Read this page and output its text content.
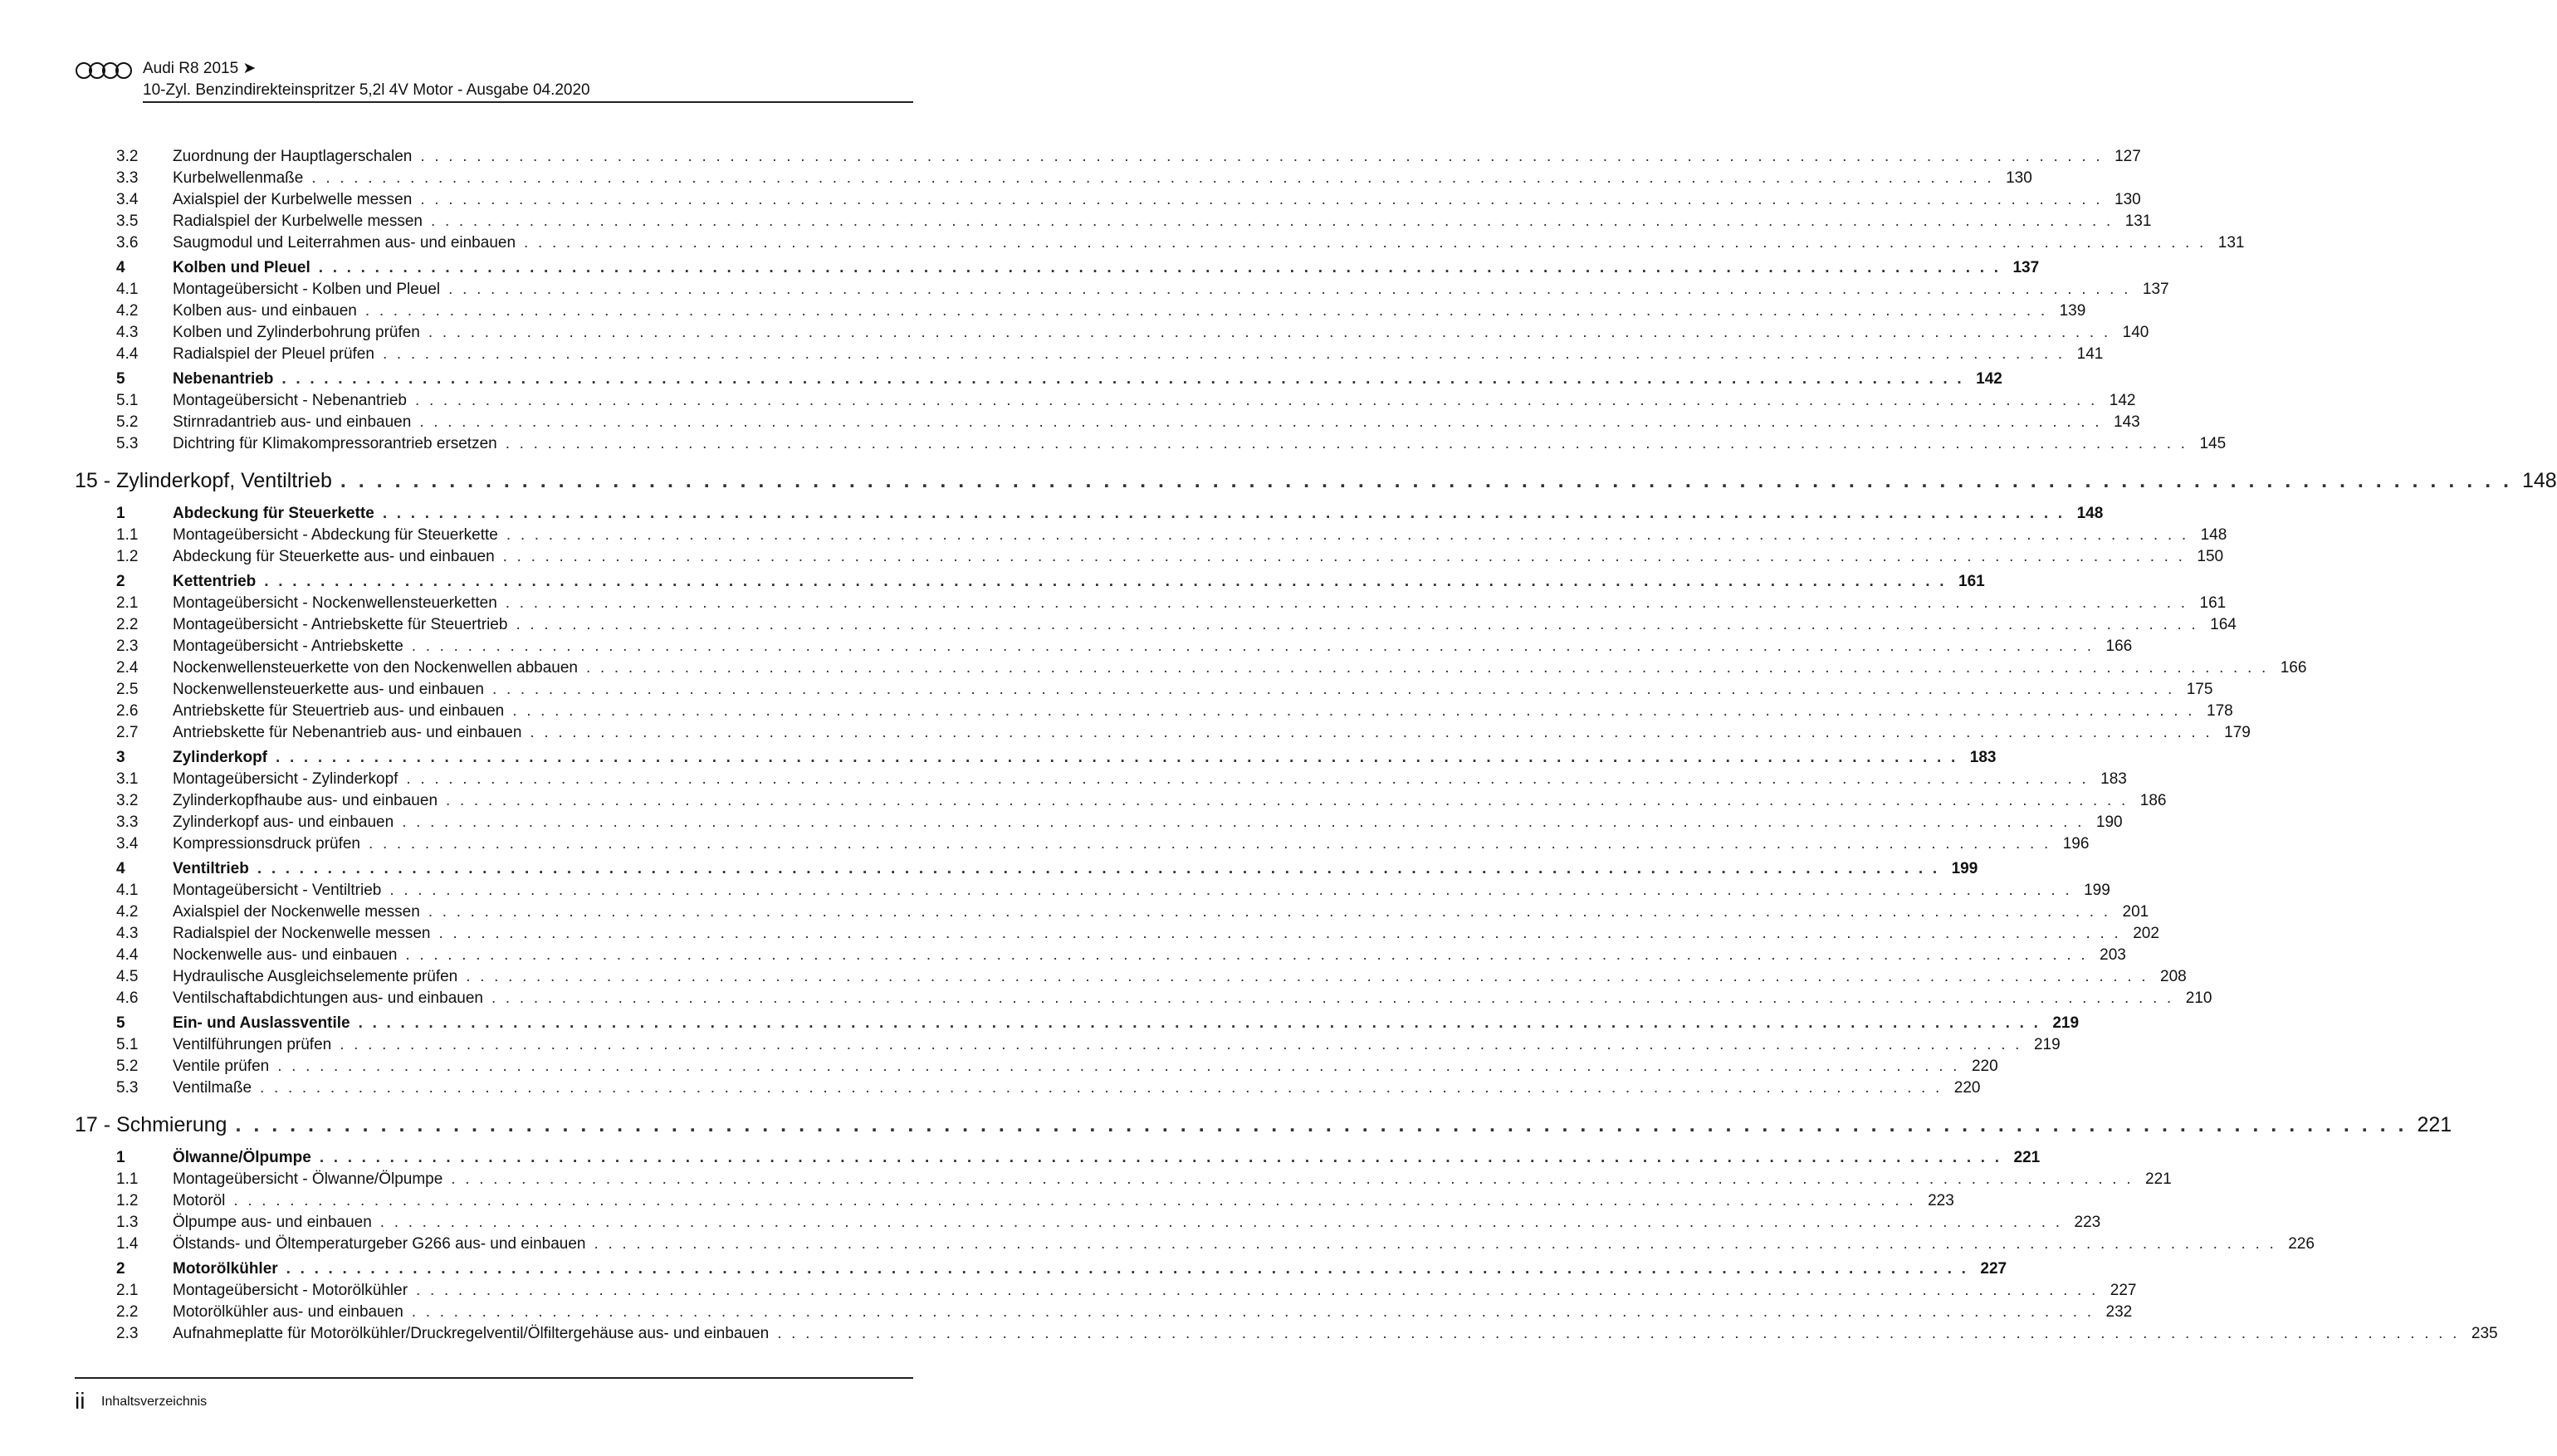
Audi R8 2015 ➤
10-Zyl. Benzindirekteinspritzer 5,2l 4V Motor - Ausgabe 04.2020
3.2	Zuordnung der Hauptlagerschalen . . . . . . . . . . . . . . . . . . . . . . . . . . . . . . . . . . . . . . . . . . . . . . . . . . . . . . . . . . . . . . . . . . . . . . . . . . . . . . . . . . . . . . . . . . . . . . . . . . . . . . . . . . . . . . . . . . . . . . . . 127
3.3	Kurbelwellenmaße . . . . . . . . . . . . . . . . . . . . . . . . . . . . . . . . . . . . . . . . . . . . . . . . . . . . . . . . . . . . . . . . . . . . . . . . . . . . . . . . . . . . . . . . . . . . . . . . . . . . . . . . . . . . . . . . . . . . . . . . 130
3.4	Axialspiel der Kurbelwelle messen . . . . . . . . . . . . . . . . . . . . . . . . . . . . . . . . . . . . . . . . . . . . . . . . . . . . . . . . . . . . . . . . . . . . . . . . . . . . . . . . . . . . . . . . . . . . . . . . . . . . . . . . . . . . . . . . . . . . . . . . 130
3.5	Radialspiel der Kurbelwelle messen . . . . . . . . . . . . . . . . . . . . . . . . . . . . . . . . . . . . . . . . . . . . . . . . . . . . . . . . . . . . . . . . . . . . . . . . . . . . . . . . . . . . . . . . . . . . . . . . . . . . . . . . . . . . . . . . . . . . . . . . 131
3.6	Saugmodul und Leiterrahmen aus- und einbauen . . . . . . . . . . . . . . . . . . . . . . . . . . . . . . . . . . . . . . . . . . . . . . . . . . . . . . . . . . . . . . . . . . . . . . . . . . . . . . . . . . . . . . . . . . . . . . . . . . . . . . . . . . . . . . . . . . . . . . . . 131
4	Kolben und Pleuel . . . . . . . . . . . . . . . . . . . . . . . . . . . . . . . . . . . . . . . . . . . . . . . . . . . . . . . . . . . . . . . . . . . . . . . . . . . . . . . . . . . . . . . . . . . . . . . . . . . . . . . . . . . . . . . . . . . . . . . . 137
4.1	Montageübersicht - Kolben und Pleuel . . . . . . . . . . . . . . . . . . . . . . . . . . . . . . . . . . . . . . . . . . . . . . . . . . . . . . . . . . . . . . . . . . . . . . . . . . . . . . . . . . . . . . . . . . . . . . . . . . . . . . . . . . . . . . . . . . . . . . . . 137
4.2	Kolben aus- und einbauen . . . . . . . . . . . . . . . . . . . . . . . . . . . . . . . . . . . . . . . . . . . . . . . . . . . . . . . . . . . . . . . . . . . . . . . . . . . . . . . . . . . . . . . . . . . . . . . . . . . . . . . . . . . . . . . . . . . . . . . . 139
4.3	Kolben und Zylinderbohrung prüfen . . . . . . . . . . . . . . . . . . . . . . . . . . . . . . . . . . . . . . . . . . . . . . . . . . . . . . . . . . . . . . . . . . . . . . . . . . . . . . . . . . . . . . . . . . . . . . . . . . . . . . . . . . . . . . . . . . . . . . . . 140
4.4	Radialspiel der Pleuel prüfen . . . . . . . . . . . . . . . . . . . . . . . . . . . . . . . . . . . . . . . . . . . . . . . . . . . . . . . . . . . . . . . . . . . . . . . . . . . . . . . . . . . . . . . . . . . . . . . . . . . . . . . . . . . . . . . . . . . . . . . . 141
5	Nebenantrieb . . . . . . . . . . . . . . . . . . . . . . . . . . . . . . . . . . . . . . . . . . . . . . . . . . . . . . . . . . . . . . . . . . . . . . . . . . . . . . . . . . . . . . . . . . . . . . . . . . . . . . . . . . . . . . . . . . . . . . . . 142
5.1	Montageübersicht - Nebenantrieb . . . . . . . . . . . . . . . . . . . . . . . . . . . . . . . . . . . . . . . . . . . . . . . . . . . . . . . . . . . . . . . . . . . . . . . . . . . . . . . . . . . . . . . . . . . . . . . . . . . . . . . . . . . . . . . . . . . . . . . . 142
5.2	Stirnradantrieb aus- und einbauen . . . . . . . . . . . . . . . . . . . . . . . . . . . . . . . . . . . . . . . . . . . . . . . . . . . . . . . . . . . . . . . . . . . . . . . . . . . . . . . . . . . . . . . . . . . . . . . . . . . . . . . . . . . . . . . . . . . . . . . . 143
5.3	Dichtring für Klimakompressorantrieb ersetzen . . . . . . . . . . . . . . . . . . . . . . . . . . . . . . . . . . . . . . . . . . . . . . . . . . . . . . . . . . . . . . . . . . . . . . . . . . . . . . . . . . . . . . . . . . . . . . . . . . . . . . . . . . . . . . . . . . . . . . . . 145
15 - Zylinderkopf, Ventiltrieb . . . . . . . . . . . . . . . . . . . . . . . . . . . . . . . . . . . . . . . . . . . . . . . . . . . . . . . . . . . . . . . . . . . . . . . . . . . . . . . . . . . . . . . . . . . . . . . . . . . . . . . . . . . . . . . . . . . . . . . . 148
1	Abdeckung für Steuerkette . . . . . . . . . . . . . . . . . . . . . . . . . . . . . . . . . . . . . . . . . . . . . . . . . . . . . . . . . . . . . . . . . . . . . . . . . . . . . . . . . . . . . . . . . . . . . . . . . . . . . . . . . . . . . . . . . . . . . . . . 148
1.1	Montageübersicht - Abdeckung für Steuerkette . . . . . . . . . . . . . . . . . . . . . . . . . . . . . . . . . . . . . . . . . . . . . . . . . . . . . . . . . . . . . . . . . . . . . . . . . . . . . . . . . . . . . . . . . . . . . . . . . . . . . . . . . . . . . . . . . . . . . . . . 148
1.2	Abdeckung für Steuerkette aus- und einbauen . . . . . . . . . . . . . . . . . . . . . . . . . . . . . . . . . . . . . . . . . . . . . . . . . . . . . . . . . . . . . . . . . . . . . . . . . . . . . . . . . . . . . . . . . . . . . . . . . . . . . . . . . . . . . . . . . . . . . . . . 150
2	Kettentrieb . . . . . . . . . . . . . . . . . . . . . . . . . . . . . . . . . . . . . . . . . . . . . . . . . . . . . . . . . . . . . . . . . . . . . . . . . . . . . . . . . . . . . . . . . . . . . . . . . . . . . . . . . . . . . . . . . . . . . . . . 161
2.1	Montageübersicht - Nockenwellensteuerketten . . . . . . . . . . . . . . . . . . . . . . . . . . . . . . . . . . . . . . . . . . . . . . . . . . . . . . . . . . . . . . . . . . . . . . . . . . . . . . . . . . . . . . . . . . . . . . . . . . . . . . . . . . . . . . . . . . . . . . . . 161
2.2	Montageübersicht - Antriebskette für Steuertrieb . . . . . . . . . . . . . . . . . . . . . . . . . . . . . . . . . . . . . . . . . . . . . . . . . . . . . . . . . . . . . . . . . . . . . . . . . . . . . . . . . . . . . . . . . . . . . . . . . . . . . . . . . . . . . . . . . . . . . . . . 164
2.3	Montageübersicht - Antriebskette . . . . . . . . . . . . . . . . . . . . . . . . . . . . . . . . . . . . . . . . . . . . . . . . . . . . . . . . . . . . . . . . . . . . . . . . . . . . . . . . . . . . . . . . . . . . . . . . . . . . . . . . . . . . . . . . . . . . . . . . 166
2.4	Nockenwellensteuerkette von den Nockenwellen abbauen . . . . . . . . . . . . . . . . . . . . . . . . . . . . . . . . . . . . . . . . . . . . . . . . . . . . . . . . . . . . . . . . . . . . . . . . . . . . . . . . . . . . . . . . . . . . . . . . . . . . . . . . . . . . . . . . . . . . . . . . 166
2.5	Nockenwellensteuerkette aus- und einbauen . . . . . . . . . . . . . . . . . . . . . . . . . . . . . . . . . . . . . . . . . . . . . . . . . . . . . . . . . . . . . . . . . . . . . . . . . . . . . . . . . . . . . . . . . . . . . . . . . . . . . . . . . . . . . . . . . . . . . . . . 175
2.6	Antriebskette für Steuertrieb aus- und einbauen . . . . . . . . . . . . . . . . . . . . . . . . . . . . . . . . . . . . . . . . . . . . . . . . . . . . . . . . . . . . . . . . . . . . . . . . . . . . . . . . . . . . . . . . . . . . . . . . . . . . . . . . . . . . . . . . . . . . . . . . 178
2.7	Antriebskette für Nebenantrieb aus- und einbauen . . . . . . . . . . . . . . . . . . . . . . . . . . . . . . . . . . . . . . . . . . . . . . . . . . . . . . . . . . . . . . . . . . . . . . . . . . . . . . . . . . . . . . . . . . . . . . . . . . . . . . . . . . . . . . . . . . . . . . . . 179
3	Zylinderkopf . . . . . . . . . . . . . . . . . . . . . . . . . . . . . . . . . . . . . . . . . . . . . . . . . . . . . . . . . . . . . . . . . . . . . . . . . . . . . . . . . . . . . . . . . . . . . . . . . . . . . . . . . . . . . . . . . . . . . . . . 183
3.1	Montageübersicht - Zylinderkopf . . . . . . . . . . . . . . . . . . . . . . . . . . . . . . . . . . . . . . . . . . . . . . . . . . . . . . . . . . . . . . . . . . . . . . . . . . . . . . . . . . . . . . . . . . . . . . . . . . . . . . . . . . . . . . . . . . . . . . . . 183
3.2	Zylinderkopfhaube aus- und einbauen . . . . . . . . . . . . . . . . . . . . . . . . . . . . . . . . . . . . . . . . . . . . . . . . . . . . . . . . . . . . . . . . . . . . . . . . . . . . . . . . . . . . . . . . . . . . . . . . . . . . . . . . . . . . . . . . . . . . . . . . 186
3.3	Zylinderkopf aus- und einbauen . . . . . . . . . . . . . . . . . . . . . . . . . . . . . . . . . . . . . . . . . . . . . . . . . . . . . . . . . . . . . . . . . . . . . . . . . . . . . . . . . . . . . . . . . . . . . . . . . . . . . . . . . . . . . . . . . . . . . . . . 190
3.4	Kompressionsdruck prüfen . . . . . . . . . . . . . . . . . . . . . . . . . . . . . . . . . . . . . . . . . . . . . . . . . . . . . . . . . . . . . . . . . . . . . . . . . . . . . . . . . . . . . . . . . . . . . . . . . . . . . . . . . . . . . . . . . . . . . . . . 196
4	Ventiltrieb . . . . . . . . . . . . . . . . . . . . . . . . . . . . . . . . . . . . . . . . . . . . . . . . . . . . . . . . . . . . . . . . . . . . . . . . . . . . . . . . . . . . . . . . . . . . . . . . . . . . . . . . . . . . . . . . . . . . . . . . 199
4.1	Montageübersicht - Ventiltrieb . . . . . . . . . . . . . . . . . . . . . . . . . . . . . . . . . . . . . . . . . . . . . . . . . . . . . . . . . . . . . . . . . . . . . . . . . . . . . . . . . . . . . . . . . . . . . . . . . . . . . . . . . . . . . . . . . . . . . . . . 199
4.2	Axialspiel der Nockenwelle messen . . . . . . . . . . . . . . . . . . . . . . . . . . . . . . . . . . . . . . . . . . . . . . . . . . . . . . . . . . . . . . . . . . . . . . . . . . . . . . . . . . . . . . . . . . . . . . . . . . . . . . . . . . . . . . . . . . . . . . . . 201
4.3	Radialspiel der Nockenwelle messen . . . . . . . . . . . . . . . . . . . . . . . . . . . . . . . . . . . . . . . . . . . . . . . . . . . . . . . . . . . . . . . . . . . . . . . . . . . . . . . . . . . . . . . . . . . . . . . . . . . . . . . . . . . . . . . . . . . . . . . . 202
4.4	Nockenwelle aus- und einbauen . . . . . . . . . . . . . . . . . . . . . . . . . . . . . . . . . . . . . . . . . . . . . . . . . . . . . . . . . . . . . . . . . . . . . . . . . . . . . . . . . . . . . . . . . . . . . . . . . . . . . . . . . . . . . . . . . . . . . . . . 203
4.5	Hydraulische Ausgleichselemente prüfen . . . . . . . . . . . . . . . . . . . . . . . . . . . . . . . . . . . . . . . . . . . . . . . . . . . . . . . . . . . . . . . . . . . . . . . . . . . . . . . . . . . . . . . . . . . . . . . . . . . . . . . . . . . . . . . . . . . . . . . . 208
4.6	Ventilschaftabdichtungen aus- und einbauen . . . . . . . . . . . . . . . . . . . . . . . . . . . . . . . . . . . . . . . . . . . . . . . . . . . . . . . . . . . . . . . . . . . . . . . . . . . . . . . . . . . . . . . . . . . . . . . . . . . . . . . . . . . . . . . . . . . . . . . . 210
5	Ein- und Auslassventile . . . . . . . . . . . . . . . . . . . . . . . . . . . . . . . . . . . . . . . . . . . . . . . . . . . . . . . . . . . . . . . . . . . . . . . . . . . . . . . . . . . . . . . . . . . . . . . . . . . . . . . . . . . . . . . . . . . . . . . . 219
5.1	Ventilführungen prüfen . . . . . . . . . . . . . . . . . . . . . . . . . . . . . . . . . . . . . . . . . . . . . . . . . . . . . . . . . . . . . . . . . . . . . . . . . . . . . . . . . . . . . . . . . . . . . . . . . . . . . . . . . . . . . . . . . . . . . . . . 219
5.2	Ventile prüfen . . . . . . . . . . . . . . . . . . . . . . . . . . . . . . . . . . . . . . . . . . . . . . . . . . . . . . . . . . . . . . . . . . . . . . . . . . . . . . . . . . . . . . . . . . . . . . . . . . . . . . . . . . . . . . . . . . . . . . . . 220
5.3	Ventilmaße . . . . . . . . . . . . . . . . . . . . . . . . . . . . . . . . . . . . . . . . . . . . . . . . . . . . . . . . . . . . . . . . . . . . . . . . . . . . . . . . . . . . . . . . . . . . . . . . . . . . . . . . . . . . . . . . . . . . . . . . 220
17 - Schmierung . . . . . . . . . . . . . . . . . . . . . . . . . . . . . . . . . . . . . . . . . . . . . . . . . . . . . . . . . . . . . . . . . . . . . . . . . . . . . . . . . . . . . . . . . . . . . . . . . . . . . . . . . . . . . . . . . . . . . . . . 221
1	Ölwanne/Ölpumpe . . . . . . . . . . . . . . . . . . . . . . . . . . . . . . . . . . . . . . . . . . . . . . . . . . . . . . . . . . . . . . . . . . . . . . . . . . . . . . . . . . . . . . . . . . . . . . . . . . . . . . . . . . . . . . . . . . . . . . . . 221
1.1	Montageübersicht - Ölwanne/Ölpumpe . . . . . . . . . . . . . . . . . . . . . . . . . . . . . . . . . . . . . . . . . . . . . . . . . . . . . . . . . . . . . . . . . . . . . . . . . . . . . . . . . . . . . . . . . . . . . . . . . . . . . . . . . . . . . . . . . . . . . . . . 221
1.2	Motoröl . . . . . . . . . . . . . . . . . . . . . . . . . . . . . . . . . . . . . . . . . . . . . . . . . . . . . . . . . . . . . . . . . . . . . . . . . . . . . . . . . . . . . . . . . . . . . . . . . . . . . . . . . . . . . . . . . . . . . . . . 223
1.3	Ölpumpe aus- und einbauen . . . . . . . . . . . . . . . . . . . . . . . . . . . . . . . . . . . . . . . . . . . . . . . . . . . . . . . . . . . . . . . . . . . . . . . . . . . . . . . . . . . . . . . . . . . . . . . . . . . . . . . . . . . . . . . . . . . . . . . . 223
1.4	Ölstands- und Öltemperaturgeber G266 aus- und einbauen . . . . . . . . . . . . . . . . . . . . . . . . . . . . . . . . . . . . . . . . . . . . . . . . . . . . . . . . . . . . . . . . . . . . . . . . . . . . . . . . . . . . . . . . . . . . . . . . . . . . . . . . . . . . . . . . . . . . . . . . 226
2	Motorölkühler . . . . . . . . . . . . . . . . . . . . . . . . . . . . . . . . . . . . . . . . . . . . . . . . . . . . . . . . . . . . . . . . . . . . . . . . . . . . . . . . . . . . . . . . . . . . . . . . . . . . . . . . . . . . . . . . . . . . . . . . 227
2.1	Montageübersicht - Motorölkühler . . . . . . . . . . . . . . . . . . . . . . . . . . . . . . . . . . . . . . . . . . . . . . . . . . . . . . . . . . . . . . . . . . . . . . . . . . . . . . . . . . . . . . . . . . . . . . . . . . . . . . . . . . . . . . . . . . . . . . . . 227
2.2	Motorölkühler aus- und einbauen . . . . . . . . . . . . . . . . . . . . . . . . . . . . . . . . . . . . . . . . . . . . . . . . . . . . . . . . . . . . . . . . . . . . . . . . . . . . . . . . . . . . . . . . . . . . . . . . . . . . . . . . . . . . . . . . . . . . . . . . 232
2.3	Aufnahmeplatte für Motorölkühler/Druckregelventil/Ölfiltergehäuse aus- und einbauen . . . . . . . . . . . . . . . . . . . . . . . . . . . . . . . . . . . . . . . . . . . . . . . . . . . . . . . . . . . . . . . . . . . . . . . . . . . . . . . . . . . . . . . . . . . . . . . . . . . . . . . . . . . . . . . . . . . . . . . . 235
ii Inhaltsverzeichnis
